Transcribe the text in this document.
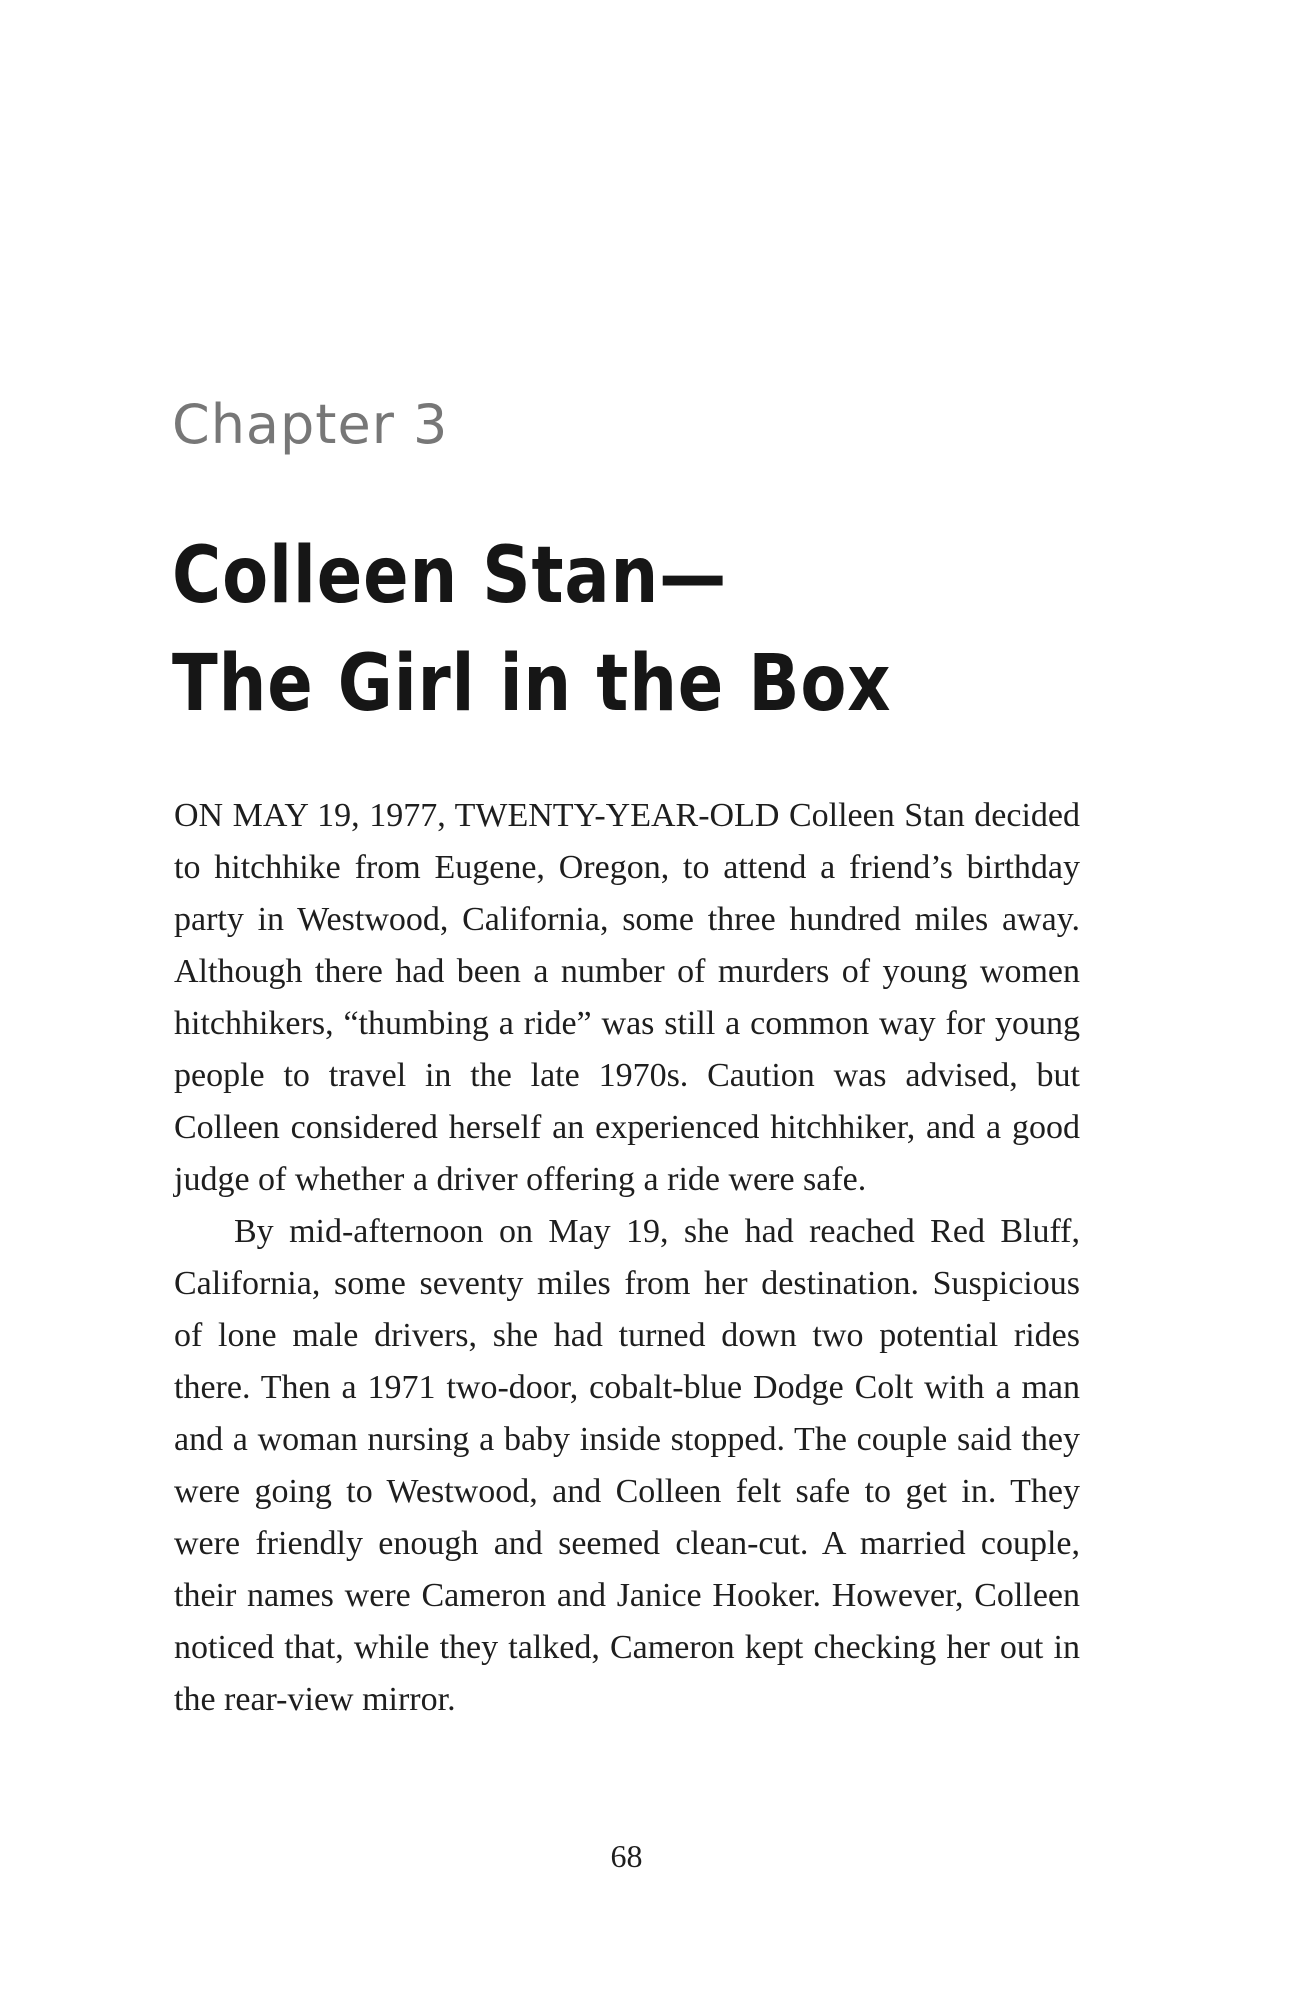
Chapter 3
Colleen Stan—
The Girl in the Box

ON MAY 19, 1977, TWENTY-YEAR-OLD Colleen Stan decided to hitchhike from Eugene, Oregon, to attend a friend’s birthday party in Westwood, California, some three hundred miles away. Although there had been a number of murders of young women hitchhikers, “thumbing a ride” was still a common way for young people to travel in the late 1970s. Caution was advised, but Colleen considered herself an experienced hitchhiker, and a good judge of whether a driver offering a ride were safe.

By mid-afternoon on May 19, she had reached Red Bluff, California, some seventy miles from her destination. Suspicious of lone male drivers, she had turned down two potential rides there. Then a 1971 two-door, cobalt-blue Dodge Colt with a man and a woman nursing a baby inside stopped. The couple said they were going to Westwood, and Colleen felt safe to get in. They were friendly enough and seemed clean-cut. A married couple, their names were Cameron and Janice Hooker. However, Colleen noticed that, while they talked, Cameron kept checking her out in the rear-view mirror.

68
